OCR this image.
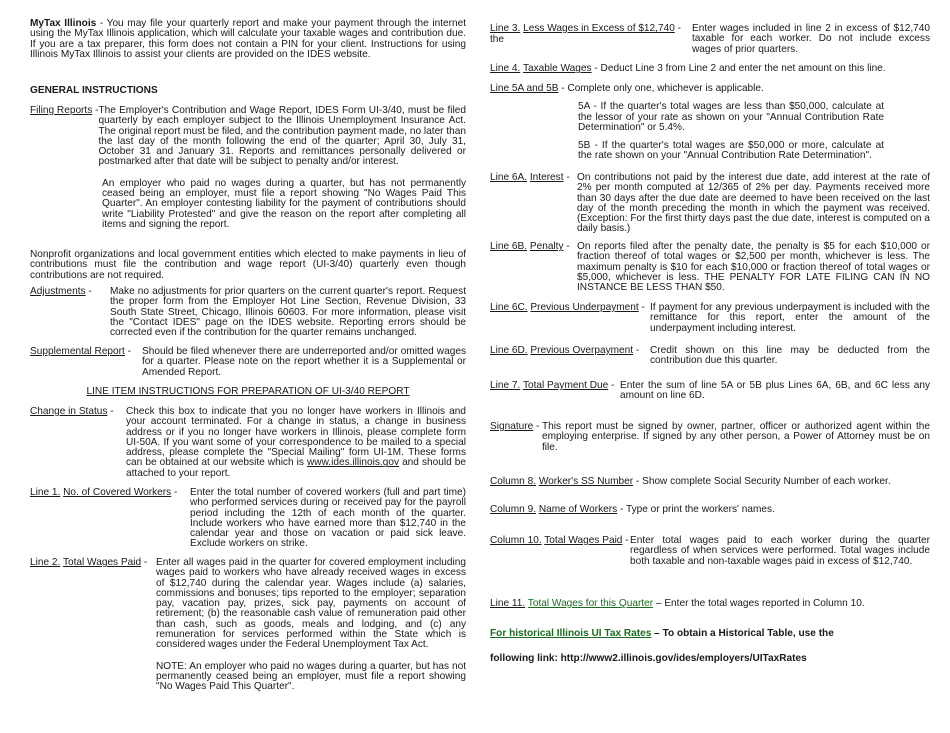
MyTax Illinois - You may file your quarterly report and make your payment through the internet using the MyTax Illinois application, which will calculate your taxable wages and contribution due. If you are a tax preparer, this form does not contain a PIN for your client. Instructions for using Illinois MyTax Illinois to assist your clients are provided on the IDES website.

GENERAL INSTRUCTIONS

Filing Reports - The Employer's Contribution and Wage Report, IDES Form UI-3/40, must be filed quarterly by each employer subject to the Illinois Unemployment Insurance Act. The original report must be filed, and the contribution payment made, no later than the last day of the month following the end of the quarter; April 30, July 31, October 31 and January 31. Reports and remittances personally delivered or postmarked after that date will be subject to penalty and/or interest.

An employer who paid no wages during a quarter, but has not permanently ceased being an employer, must file a report showing "No Wages Paid This Quarter". An employer contesting liability for the payment of contributions should write "Liability Protested" and give the reason on the report after completing all items and signing the report.

Nonprofit organizations and local government entities which elected to make payments in lieu of contributions must file the contribution and wage report (UI-3/40) quarterly even though contributions are not required.

Adjustments -	Make no adjustments for prior quarters on the current quarter's report. Request the proper form from the Employer Hot Line Section, Revenue Division, 33 South State Street, Chicago, Illinois 60603. For more information, please visit the "Contact IDES" page on the IDES website. Reporting errors should be corrected even if the contribution for the quarter remains unchanged.

Supplemental Report -	Should be filed whenever there are underreported and/or omitted wages for a quarter. Please note on the report whether it is a Supplemental or Amended Report.

LINE ITEM INSTRUCTIONS FOR PREPARATION OF UI-3/40 REPORT

Change in Status -	Check this box to indicate that you no longer have workers in Illinois and your account terminated. For a change in status, a change in business address or if you no longer have workers in Illinois, please complete form UI-50A. If you want some of your correspondence to be mailed to a special address, please complete the "Special Mailing" form UI-1M. These forms can be obtained at our website which is www.ides.illinois.gov and should be attached to your report.

Line 1. No. of Covered Workers -	Enter the total number of covered workers (full and part time) who performed services during or received pay for the payroll period including the 12th of each month of the quarter. Include workers who have earned more than $12,740 in the calendar year and those on vacation or paid sick leave. Exclude workers on strike.

Line 2. Total Wages Paid - Enter all wages paid in the quarter for covered employment including wages paid to workers who have already received wages in excess of $12,740 during the calendar year. Wages include (a) salaries, commissions and bonuses; tips reported to the employer; separation pay, vacation pay, prizes, sick pay, payments on account of retirement; (b) the reasonable cash value of remuneration paid other than cash, such as goods, meals and lodging, and (c) any remuneration for services performed within the State which is considered wages under the Federal Unemployment Tax Act.

NOTE: An employer who paid no wages during a quarter, but has not permanently ceased being an employer, must file a report showing "No Wages Paid This Quarter".

Line 3. Less Wages in Excess of $12,740 -
the

Enter wages included in line 2 in excess of $12,740 taxable for each worker. Do not include excess wages of prior quarters.

Line 4. Taxable Wages - Deduct Line 3 from Line 2 and enter the net amount on this line.

Line 5A and 5B - Complete only one, whichever is applicable.

5A - If the quarter's total wages are less than $50,000, calculate at the lessor of your rate as shown on your "Annual Contribution Rate Determination" or 5.4%.

5B - If the quarter's total wages are $50,000 or more, calculate at the rate shown on your "Annual Contribution Rate Determination".

Line 6A. Interest - On contributions not paid by the interest due date, add interest at the rate of 2% per month computed at 12/365 of 2% per day. Payments received more than 30 days after the due date are deemed to have been received on the last day of the month preceding the month in which the payment was received. (Exception: For the first thirty days past the due date, interest is computed on a daily basis.)

Line 6B. Penalty - On reports filed after the penalty date, the penalty is $5 for each $10,000 or fraction thereof of total wages or $2,500 per month, whichever is less. The maximum penalty is $10 for each $10,000 or fraction thereof of total wages or $5,000, whichever is less. THE PENALTY FOR LATE FILING CAN IN NO INSTANCE BE LESS THAN $50.

Line 6C. Previous Underpayment - If payment for any previous underpayment is included with the remittance for this report, enter the amount of the underpayment including interest.

Line 6D. Previous Overpayment -	Credit shown on this line may be deducted from the contribution due this quarter.

Line 7. Total Payment Due - Enter the sum of line 5A or 5B plus Lines 6A, 6B, and 6C less any amount on line 6D.

Signature - This report must be signed by owner, partner, officer or authorized agent within the employing enterprise. If signed by any other person, a Power of Attorney must be on file.

Column 8. Worker's SS Number - Show complete Social Security Number of each worker.

Column 9. Name of Workers - Type or print the workers' names.

Column 10. Total Wages Paid - Enter total wages paid to each worker during the quarter regardless of when services were performed. Total wages include both taxable and non-taxable wages paid in excess of $12,740.

Line 11. Total Wages for this Quarter – Enter the total wages reported in Column 10.

For historical Illinois UI Tax Rates – To obtain a Historical Table, use the

following link: http://www2.illinois.gov/ides/employers/UITaxRates
